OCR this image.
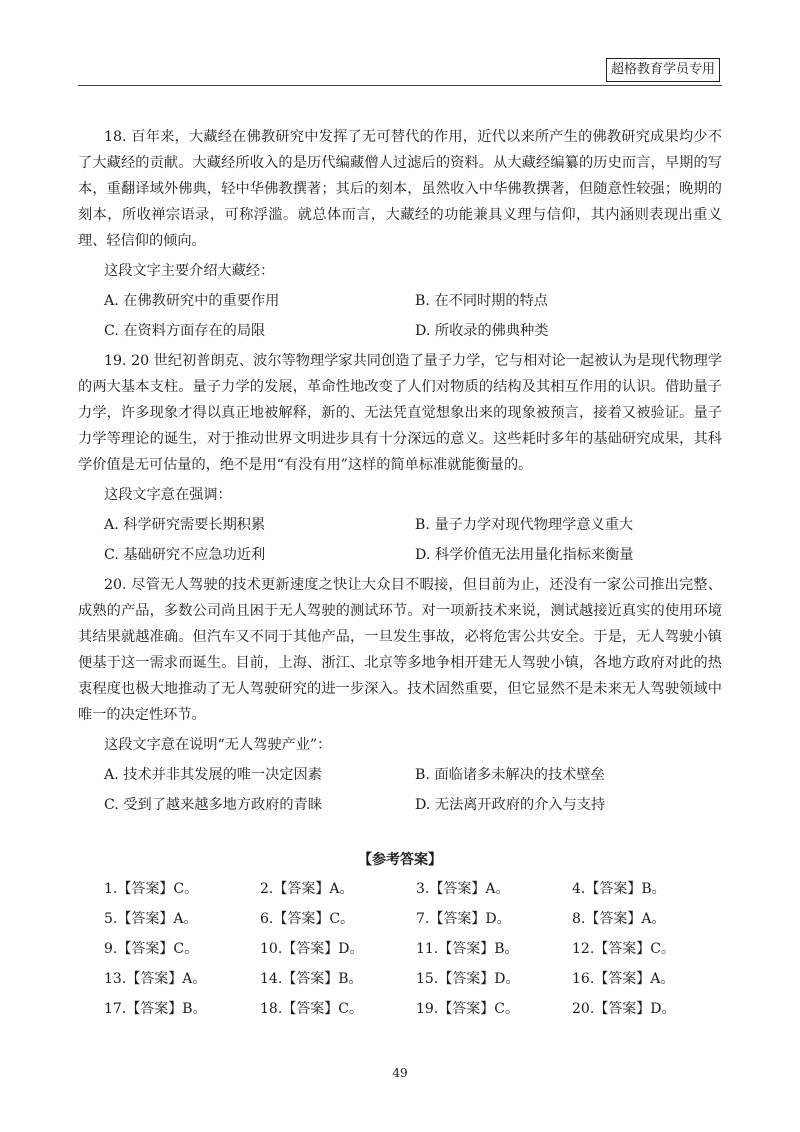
超格教育学员专用

18. 百年来，大藏经在佛教研究中发挥了无可替代的作用，近代以来所产生的佛教研究成果均少不了大藏经的贡献。大藏经所收入的是历代编藏僧人过滤后的资料。从大藏经编纂的历史而言，早期的写本，重翻译域外佛典，轻中华佛教撰著；其后的刻本，虽然收入中华佛教撰著，但随意性较强；晚期的刻本，所收禅宗语录，可称浮滥。就总体而言，大藏经的功能兼具义理与信仰，其内涵则表现出重义理、轻信仰的倾向。

这段文字主要介绍大藏经：

A. 在佛教研究中的重要作用	B. 在不同时期的特点
C. 在资料方面存在的局限	D. 所收录的佛典种类

19. 20 世纪初普朗克、波尔等物理学家共同创造了量子力学，它与相对论一起被认为是现代物理学的两大基本支柱。量子力学的发展，革命性地改变了人们对物质的结构及其相互作用的认识。借助量子力学，许多现象才得以真正地被解释，新的、无法凭直觉想象出来的现象被预言，接着又被验证。量子力学等理论的诞生，对于推动世界文明进步具有十分深远的意义。这些耗时多年的基础研究成果，其科学价值是无可估量的，绝不是用“有没有用”这样的简单标准就能衡量的。

这段文字意在强调：

A. 科学研究需要长期积累	B. 量子力学对现代物理学意义重大
C. 基础研究不应急功近利	D. 科学价值无法用量化指标来衡量

20. 尽管无人驾驶的技术更新速度之快让大众目不暇接，但目前为止，还没有一家公司推出完整、成熟的产品，多数公司尚且困于无人驾驶的测试环节。对一项新技术来说，测试越接近真实的使用环境其结果就越准确。但汽车又不同于其他产品，一旦发生事故，必将危害公共安全。于是，无人驾驶小镇便基于这一需求而诞生。目前，上海、浙江、北京等多地争相开建无人驾驶小镇，各地方政府对此的热衷程度也极大地推动了无人驾驶研究的进一步深入。技术固然重要，但它显然不是未来无人驾驶领域中唯一的决定性环节。

这段文字意在说明“无人驾驶产业”：

A. 技术并非其发展的唯一决定因素	B. 面临诸多未解决的技术壁垒
C. 受到了越来越多地方政府的青睐	D. 无法离开政府的介入与支持
【参考答案】
1.【答案】C。	2.【答案】A。	3.【答案】A。	4.【答案】B。
5.【答案】A。	6.【答案】C。	7.【答案】D。	8.【答案】A。
9.【答案】C。	10.【答案】D。	11.【答案】B。	12.【答案】C。
13.【答案】A。	14.【答案】B。	15.【答案】D。	16.【答案】A。
17.【答案】B。	18.【答案】C。	19.【答案】C。	20.【答案】D。
49
